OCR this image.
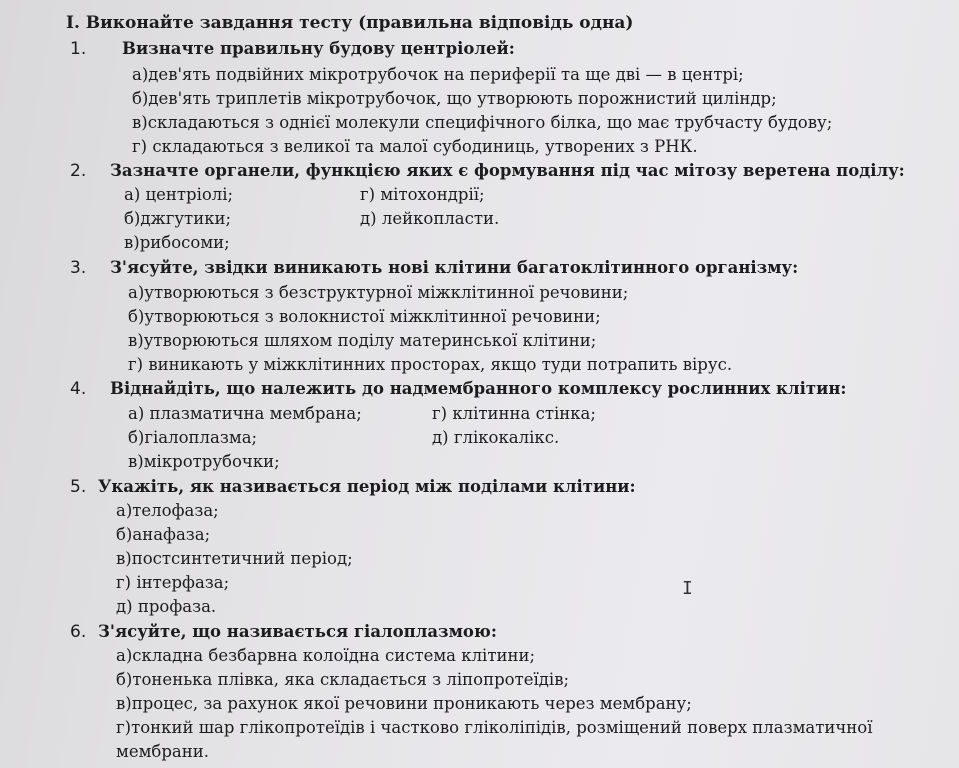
I. Виконайте завдання тесту (правильна відповідь одна)
1. Визначте правильну будову центріолей:
а)дев'ять подвійних мікротрубочок на периферії та ще дві — в центрі;
б)дев'ять триплетів мікротрубочок, що утворюють порожнистий циліндр;
в)складаються з однієї молекули специфічного білка, що має трубчасту будову;
г) складаються з великої та малої субодиниць, утворених з РНК.
2. Зазначте органели, функцією яких є формування під час мітозу веретена поділу:
а) центріолі;	г) мітохондрії;
б)джгутики;	д) лейкопласти.
в)рибосоми;
3. З'ясуйте, звідки виникають нові клітини багатоклітинного організму:
а)утворюються з безструктурної міжклітинної речовини;
б)утворюються з волокнистої міжклітинної речовини;
в)утворюються шляхом поділу материнської клітини;
г) виникають у міжклітинних просторах, якщо туди потрапить вірус.
4. Віднайдіть, що належить до надмембранного комплексу рослинних клітин:
а) плазматична мембрана;	г) клітинна стінка;
б)гіалоплазма;	д) глікокалікс.
в)мікротрубочки;
5. Укажіть, як називається період між поділами клітини:
а)телофаза;
б)анафаза;
в)постсинтетичний період;
г) інтерфаза;
д) профаза.
6. З'ясуйте, що називається гіалоплазмою:
а)складна безбарвна колоїдна система клітини;
б)тоненька плівка, яка складається з ліпопротеїдів;
в)процес, за рахунок якої речовини проникають через мембрану;
г)тонкий шар глікопротеїдів і частково гліколіпідів, розміщений поверх плазматичної
мембрани.
I
